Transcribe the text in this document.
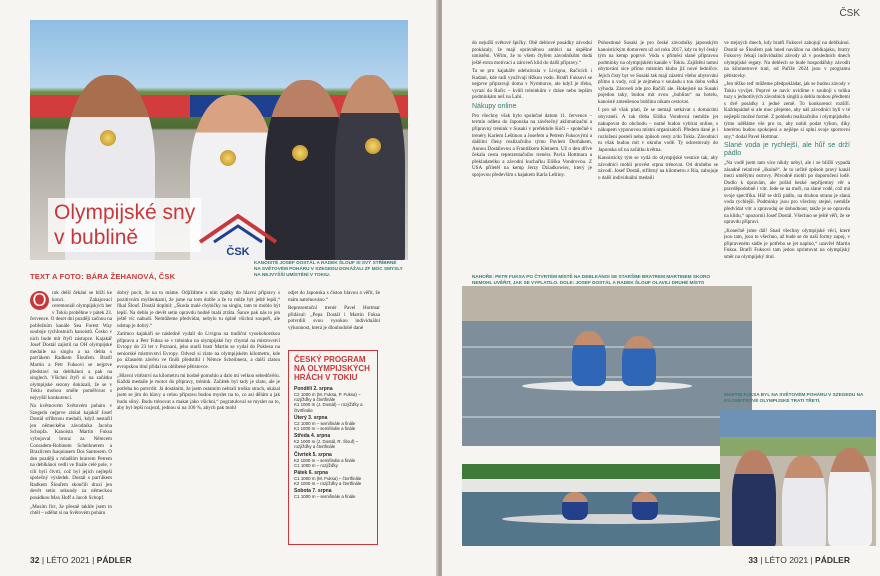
Olympijské sny
v bublině
ČSK
KANOISTÉ JOSEF DOSTÁL A RADEK ŠLOUF SI SVÝ STŘÍBRNÉ NA SVĚTOVÉM POHÁRU V SZEGEDU DOKÁŽALI ZF MOC SMYSLY NA NEJVYŠŠÍ UMÍSTĚNÍ V TOKIU.
TEXT A FOTO: BÁRA ŽEHANOVÁ, ČSK
O	rok delší čekání se blíží ke konci. Zahajovací ceremoniál olympijských her v Tokiu proběhne v pátek 23. července. O deset dní později začnou na pobřežním kanále Sea Forest Way souboje rychlostních kanoistů. Česko v nich bude mít čtyři zástupce. Kajakář Josef Dostál zajistil na OH olympijské medaile na singlu a na debla s parťákem Radkem Šloufem. Bratři Martin a Petr Fuksovi se nejprve představí na deblkánoi a pak na singlech. Všichni čtyři si na začátku olympijské sezony dokázali, že se v Tokiu mohou směle poměřovat s nejvyšší konkurencí.

Na květnovém Světovém poháru v Szegedu nejprve získal kajakář Josef Dostál stříbrnou medaili, když nestačil jen německého závodníka Jacoba Schopfa. Kanoista Martin Fuksa vybojoval bronz za Němcem Conradem-Robinem Scheibnerem a Brazilcem Isaquiasem Dos Santosem. O den později s mladším bratrem Petrem na deblkánoi vedli ve finále celé pole, v cíli byli čtvrtí, což byl jejich nejlepší společný výsledek. Dostál s parťákem Radkem Šloufem skončili druzí jen devět setin sekundy za německou posádkou Max Hoff a Jacob Schopf.

„Musím říct, že přesně takhle jsem to chtěl – udělat si na Světovém poháru

dobrý pocit, že na to máme. Odjíždíme s ním zpátky do hlavní přípravy s pozitivním myšlenkami, že jsme na tom dobře a že to může být ještě lepší,“ říkal Šlouf. Dostál doplnil: „Škoda malé chybičky na singlu, tam to mohlo být lepší. Na deblu je devět setin opravdu hodně malá ztráta. Šance pak nás to jen ještě víc nabudí. Nemůžeme předvídat, nebylo tu úplně všichni soupeři, ale odstup je dobrý.“

Zatímco kajakáři se následně vydali do Livigna na tradiční vysokohorskou přípravu a Petr Fuksa se v tréninku na olympijské hry chystal na mistrovství Evropy do 23 let v Poznani, jeho starší bratr Martin se vydal do Poklesu na seniorské mistrovství Evropy. Odvezl si zlato na olympijském kilometru, kde po úžasném závěru ve finiši předstihl i Němce Scheibnera, a další zlatou evropskou titul přidal na oblíbené pětistovce.

„Hlavní vítězství na kilometru mi hodně pomohlo a dalo mi velkou sebedůvěru. Každá medaile je motor do přípravy, trénink. Začátek byl tady je zlato, ale je potřeba ho potvrdit. Já dostáním, že jsem ostatním nebrali trošku strach, ukázal jsem se jim do hlavy a celou přípravu budou myslet na to, co asi dělám a jak budu silný. Budu trénovat a makat jako všichni,“ pogratuloval se myslet na to, aby byl lepší rozjezd, jednou si na 100 %, abych pak mohl

odjet do Japonska s čistou hlavou a věřit, že mám natrénováno.“

Reprezentační trenér Pavel Hottmar přidával: „Pepa Dostál i Martin Fuksa potvrdili svou vysokou individuální výkonnost, která je dlouhodobě dané

ČESKÝ PROGRAM NA OLYMPIJSKÝCH HRÁCH V TOKIU
Pondělí 2. srpna
C2 1000 m (M. Fuksa, P. Fuksa) – rozjížďky a čtvrtfinále
K1 1000 m (J. Dostál) – rozjížďky a čtvrtfinále
Úterý 3. srpna
C2 1000 m – semifinále a finále
K1 1000 m – semifinále a finále
Středa 4. srpna
K2 1000 m (J. Dostál, R. Šlouf) – rozjížďky a čtvrtfinále
Čtvrtek 5. srpna
K2 1000 m – semifinále a finále
C1 1000 m – rozjížďky
Pátek 6. srpna
C1 1000 m (M. Fuksa) – čtvrtfinále
K2 1000 m – rozjížďky a čtvrtfinále
Sobota 7. srpna
C1 1000 m – semifinále a finále
32 | LÉTO 2021 | PÁDLER
ČSK

do nejužší světové špičky. Obě deblové posádky závodní prokázaly, že mají oprávněnou ambici na úspěšné umístění. Věřím, že to všem čtyřem závodníkům dodá ještě extra motivaci a zároveň klid do další přípravy.“

Ta se pro kajakáře odehrávala v Livignu, Račicích i Kadani, kde radi využívají těžkou vodu. Bratři Fuksovi se nejprve připravují doma v Nymburce, ale když je třeba, vyrazí do Račic – kvůli tréninkům v dráze nebo lepším podmínkám než na Labi.

Nákupy online

Pro všechny však bylo společné datum 11. července – termín odletu do Japonska na závěrečný aklimatizační a přípravný trénink v Susaki v prefektuře Kóči – společně s trenéry Karlem Leštinou a Josefem a Petrem Fuksovými a dalšími členy realizačního týmu Pavlem Dorňákem, Annou Dostálovou a Františkem Kleinem. Už o den dříve čekala cesta reprezentačního trenéra Pavla Hottmara a překladatelku a závodní kuchařku Eliška Vondrovou. Z USA přiletěl na kemp Jerzy Dziadkowiec, který je spojovou především s kajakem Karla Leštiny.

Pohostinné Susaki je pro české závodníky japonským kanoistickým domovem už od roku 2017, kdy tu byl český tým na kemp poprvé. Voda s příměsí slané přípravou podmínky na olympijském kanále v Tokiu. Zajištění tamní ubytování sice přímo místním klubu již nové ledničce. Jejich čistý byt ve Susaki tak mají zázemí všeho ubytování přímo u vody, což je zejména v souladu s tou dobu velká výhoda. Zároveň zde pro Račičí ale. Hokejisté na Susaki pojedou taky, budou mít svou „bublinu“ na hotelu, kanoisté zmenšenou bublinu nikam cestovat.

I pro ně však platí, že se nemají setkávat s domácími obyvateli. A tak třeba Eliška Vondrová nemůže jet nakupovat do obchodu – nutné budou vybírat online, s nákupem vyponovou místní organizátoři. Předem dané je i rozložení postelí nebo způsob cesty z/do Tokia. Závodníci tu však budou mít v okruhu vodě. Ty odcestovaly do Japonska už na začátku května.

Kanoistický tým se vydá do olympijské vesnice tak, aby závodníci mohli provést srpna trénovat. Od druhého se závodí. Josef Dostál, střibrný na kilometru z Ria, zabojuje o další individuální medaili

NAHOŘE: PETR FUKSA PO ČTVRTÉM MÍSTĚ NA DEBLKÁNOI SE STARŠÍMI BRATREM MARTINEM SKORO NEMOHL UVĚŘIT, JAK SE VYPLATILO. DOLE: JOSEF DOSTÁL A RADEK ŠLOUF OLAVILI DRUHÉ MÍSTO

ve stejných dnech, kdy bratři Fuksovi zabojují na deblkánoi. Dostál se Šloufem pak hned navážou na deblkajaku, bratry Fuksovy čekají individuální závody až v posledních dnech olympijské regaty. Na deblech se bude hospodářsky závodit na kilometrové trati, od Paříže 2024 jsou v programu pětistovky.

„Jen těžko teď můžeme předpokládat, jak se budou závody v Tokiu vyvíjet. Poprvé se navíc uvidíme v souboji s tolika tuzy s jednotlivých závodních singlů a debla mohou předtemi s dvě posádky z jedné země. To konkurenci rozšíří. Každopádně si ale moc přejeme, aby náš závodníci byli v té nejlepší možné formě. Z pohledu realizačního i olympijského týmu uděláme vše pro to, aby nohli podat výkon, díky kterému budou spokojeni a nejlépe si splní svoje sportovní sny,“ dodal Pavel Hottmar.

Slané voda je rychlejší, ale hůř se drží pádlo

„Na vodě jsem tam více nikdy nebyl, ale i se bližší vypadá zásadně relativně „školně“. Je to určitě způsob pravý kanál mezi umělými ostrovy. Původně mohli po doporučení lodě. Dodlo k úpravám, ale pořád hezké nepřijemný věr a pravděpodobně i vítr. Jede se na moři, na slané vodě, což má svoje specifika. Hůř se drží pádlo, na druhou stranu je slaná voda rychlejší. Podmínky jsou pro všechny stejné, nemůže předvídat vítr a zpravodaj se dohodnout, takže je se opravdu na klidu,“ upozornil Josef Dostál. Všechno se ještě věří, že se opravdu připraví.

„Konečně jsme dál! Snad všechny olympijské věci, které jsou tam, jsou to všechno, až bude se do naší formy zapoj, v připraveném sádle je potřeba se jet naplno,“ uzavřel Martin Fuksa. Bratři Fuksovi tam jedou sprintovat na olympijský směr na olympijský titul.

MARTIN FUKSA BYL NA SVĚTOVÉM POHÁRU V SZEGEDU NA KILOMETROVÉ OLYMPIJSKÉ TRATI TŘETÍ.
33 | LÉTO 2021 | PÁDLER
